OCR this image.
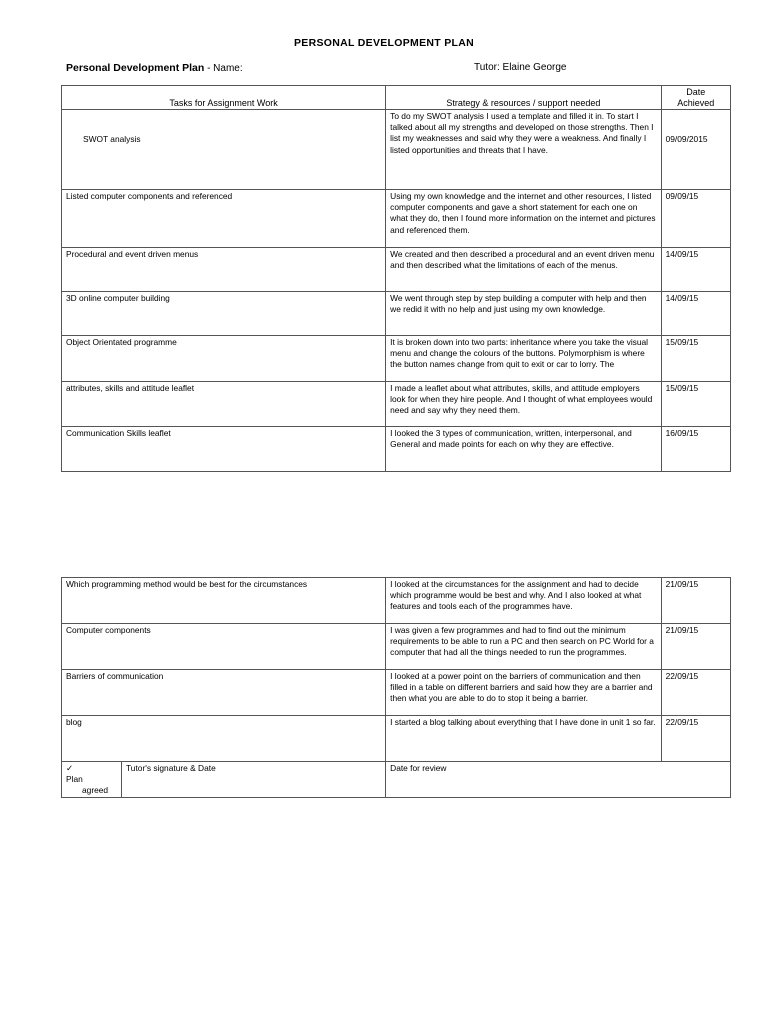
PERSONAL DEVELOPMENT PLAN
Personal Development Plan - Name:	Tutor: Elaine George
Tasks for Assignment Work	Strategy & resources / support needed	Date
Achieved

SWOT analysis	To do my SWOT analysis I used a template and filled it in. To start I talked about all my strengths and developed on those strengths. Then I list my weaknesses and said why they were a weakness. And finally I listed opportunities and threats that I have.	09/09/2015
Listed computer components and referenced	Using my own knowledge and the internet and other resources, I listed computer components and gave a short statement for each one on what they do, then I found more information on the internet and pictures and referenced them.	09/09/15
Procedural and event driven menus	We created and then described a procedural and an event driven menu and then described what the limitations of each of the menus.	14/09/15
3D online computer building	We went through step by step building a computer with help and then we redid it with no help and just using my own knowledge.	14/09/15
Object Orientated programme	It is broken down into two parts: inheritance where you take the visual menu and change the colours of the buttons. Polymorphism is where the button names change from quit to exit or car to lorry. The	15/09/15
attributes, skills and attitude leaflet	I made a leaflet about what attributes, skills, and attitude employers look for when they hire people. And I thought of what employees would need and say why they need them.	15/09/15
Communication Skills leaflet	I looked the 3 types of communication, written, interpersonal, and General and made points for each on why they are effective.	16/09/15
Which programming method would be best for the circumstances	I looked at the circumstances for the assignment and had to decide which programme would be best and why. And I also looked at what features and tools each of the programmes have.	21/09/15
Computer components	I was given a few programmes and had to find out the minimum requirements to be able to run a PC and then search on PC World for a computer that had all the things needed to run the programmes.	21/09/15
Barriers of communication	I looked at a power point on the barriers of communication and then filled in a table on different barriers and said how they are a barrier and then what you are able to do to stop it being a barrier.	22/09/15
blog	I started a blog talking about everything that I have done in unit 1 so far.	22/09/15

✓
Plan
agreed
	Tutor's signature & Date
		Date for review
